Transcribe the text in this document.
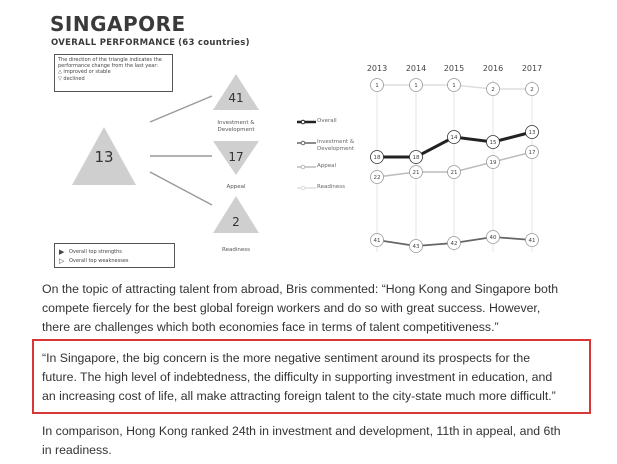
SINGAPORE
OVERALL PERFORMANCE (63 countries)
The direction of the triangle indicates the
performance change from the last year:
△ improved or stable
▽ declined
13
41
17
2
Investment & Development
Appeal
Readiness
▶ Overall top strengths
▷ Overall top weaknesses
Overall
Investment & Development
Appeal
Readiness
2013	2014	2015	2016	2017
1	1	1
2	2
22
21	21
19
17
41
43	42
40	41
18	18
14
15
13

On the topic of attracting talent from abroad, Bris commented: “Hong Kong and Singapore both
compete fiercely for the best global foreign workers and do so with great success. However,
there are challenges which both economies face in terms of talent competitiveness.”

“In Singapore, the big concern is the more negative sentiment around its prospects for the
future. The high level of indebtedness, the difficulty in supporting investment in education, and
an increasing cost of life, all make attracting foreign talent to the city-state much more difficult.”

In comparison, Hong Kong ranked 24th in investment and development, 11th in appeal, and 6th
in readiness.
